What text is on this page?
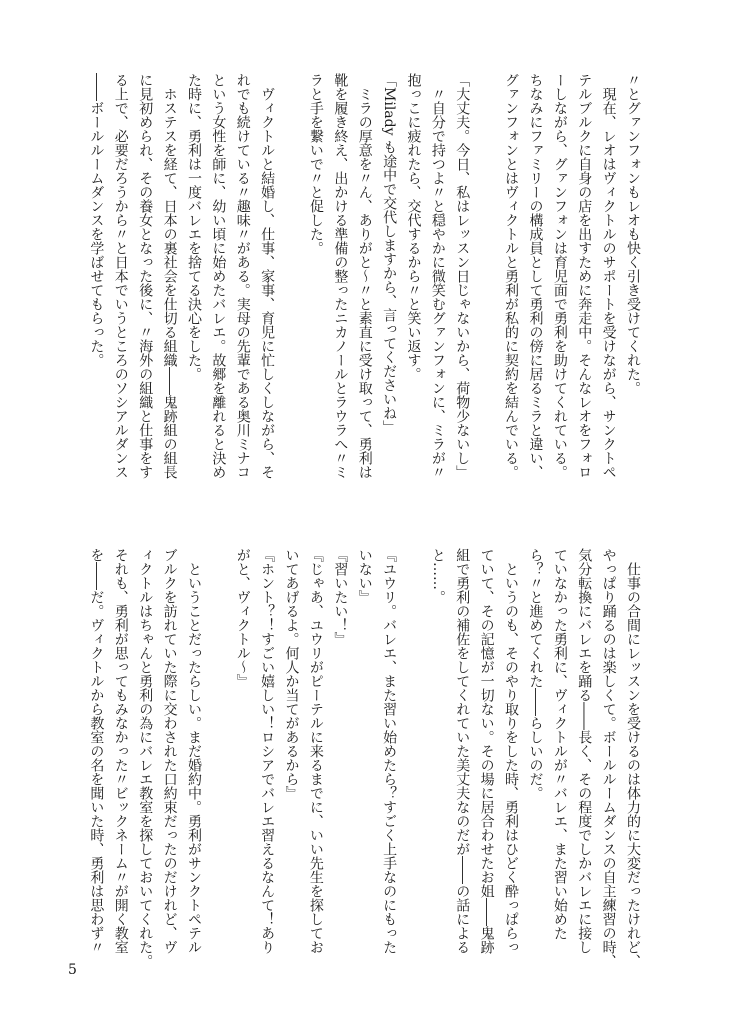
〃とグァンフォンもレオも快く引き受けてくれた。
　現在、レオはヴィクトルのサポートを受けながら、サンクトペ
テルブルクに自身の店を出すために奔走中。そんなレオをフォロ
ーしながら、グァンフォンは育児面で勇利を助けてくれている。
ちなみにファミリーの構成員として勇利の傍に居るミラと違い、
グァンフォンとはヴィクトルと勇利が私的に契約を結んでいる。
「大丈夫。今日、私はレッスン日じゃないから、荷物少ないし」
　〃自分で持つよ〃と穏やかに微笑むグァンフォンに、ミラが〃
抱っこに疲れたら、交代するから〃と笑い返す。
「Milady も途中で交代しますから、言ってくださいね」
　ミラの厚意を〃ん、ありがと～〃と素直に受け取って、勇利は
靴を履き終え、出かける準備の整ったニカノールとラウラへ〃ミ
ラと手を繋いで〃と促した。
　ヴィクトルと結婚し、仕事、家事、育児に忙しくしながら、そ
れでも続けている〃趣味〃がある。実母の先輩である奥川ミナコ
という女性を師に、幼い頃に始めたバレエ。故郷を離れると決め
た時に、勇利は一度バレエを捨てる決心をした。
　ホステスを経て、日本の裏社会を仕切る組織――鬼跡組の組長
に見初められ、その養女となった後に、〃海外の組織と仕事をす
る上で、必要だろうから〃と日本でいうところのソシアルダンス
――ボールルームダンスを学ばせてもらった。
　仕事の合間にレッスンを受けるのは体力的に大変だったけれど、
やっぱり踊るのは楽しくて。ボールルームダンスの自主練習の時、
気分転換にバレエを踊る――長く、その程度でしかバレエに接し
ていなかった勇利に、ヴィクトルが〃バレエ、また習い始めた
ら？〃と進めてくれた――らしいのだ。
　というのも、そのやり取りをした時、勇利はひどく酔っぱらっ
ていて、その記憶が一切ない。その場に居合わせたお姐――鬼跡
組で勇利の補佐をしてくれていた美丈夫なのだが――の話による
と……。
『ユウリ。バレエ、また習い始めたら？すごく上手なのにもった
いない』
『習いたい！』
『じゃあ、ユウリがピーテルに来るまでに、いい先生を探してお
いてあげるよ。何人か当てがあるから』
『ホント？！すごい嬉しい！ロシアでバレエ習えるなんて！あり
がと、ヴィクトル～』
　ということだったらしい。まだ婚約中。勇利がサンクトペテル
ブルクを訪れていた際に交わされた口約束だったのだけれど、ヴ
ィクトルはちゃんと勇利の為にバレエ教室を探しておいてくれた。
それも、勇利が思ってもみなかった〃ビックネーム〃が開く教室
を――だ。ヴィクトルから教室の名を聞いた時、勇利は思わず〃
5
